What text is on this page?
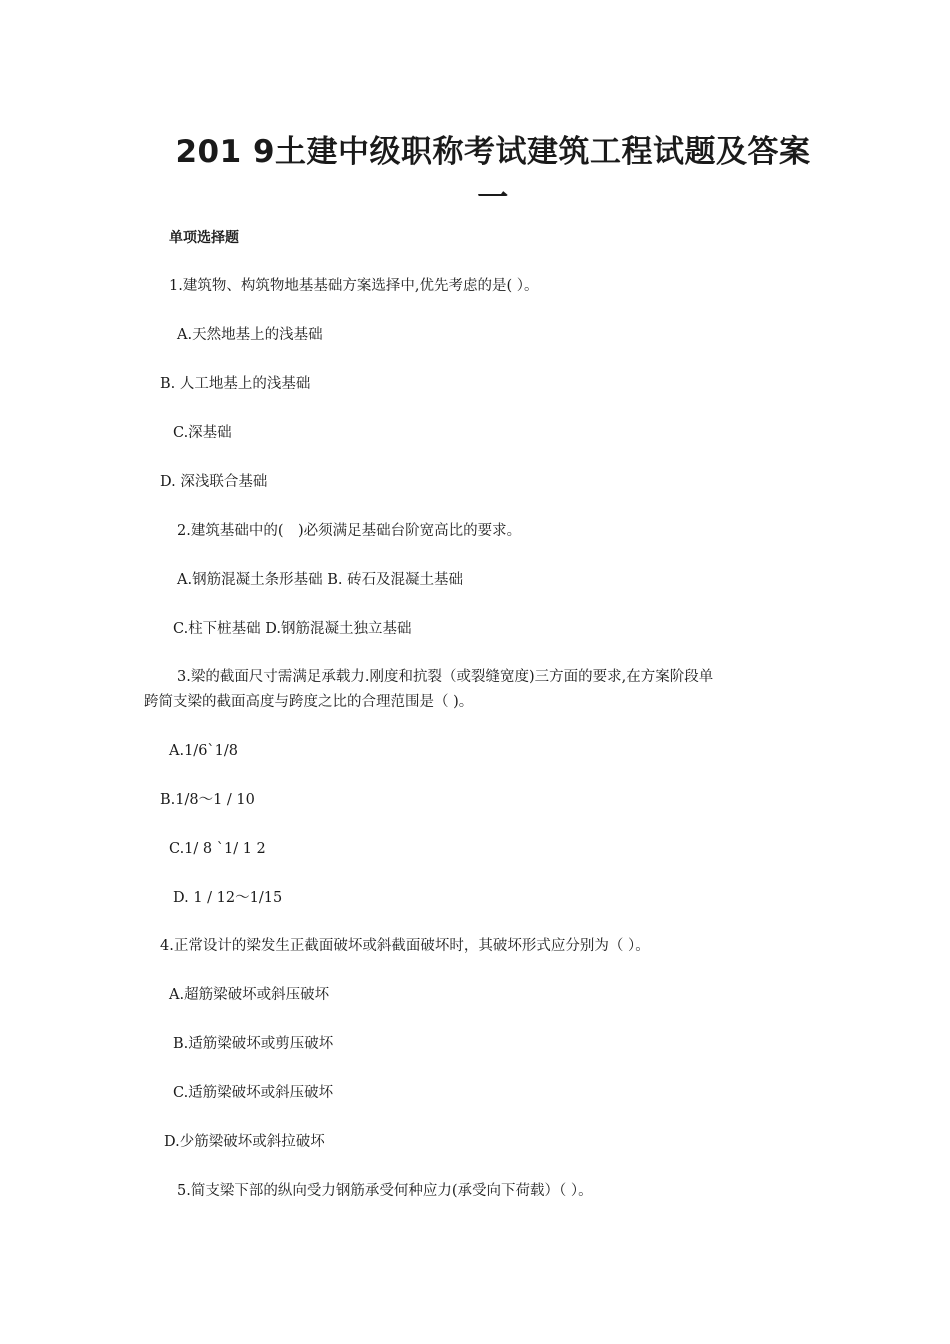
201 9土建中级职称考试建筑工程试题及答案
一
单项选择题

1.建筑物、构筑物地基基础方案选择中,优先考虑的是( ）。

A.天然地基上的浅基础

B. 人工地基上的浅基础

C.深基础

D. 深浅联合基础

2.建筑基础中的(　)必须满足基础台阶宽高比的要求。

A.钢筋混凝土条形基础 B. 砖石及混凝土基础

C.柱下桩基础 D.钢筋混凝土独立基础

3.梁的截面尺寸需满足承载力.刚度和抗裂（或裂缝宽度)三方面的要求,在方案阶段单

跨简支梁的截面高度与跨度之比的合理范围是（ )。

A.1/6`1/8

B.1/8～1 / 10

C.1/ 8 `1/ 1 2

D. 1 / 12～1/15

4.正常设计的梁发生正截面破坏或斜截面破坏时，其破坏形式应分别为（ ）。

A.超筋梁破坏或斜压破坏

B.适筋梁破坏或剪压破坏

C.适筋梁破坏或斜压破坏

D.少筋梁破坏或斜拉破坏

5.简支梁下部的纵向受力钢筋承受何种应力(承受向下荷载）（ ）。
